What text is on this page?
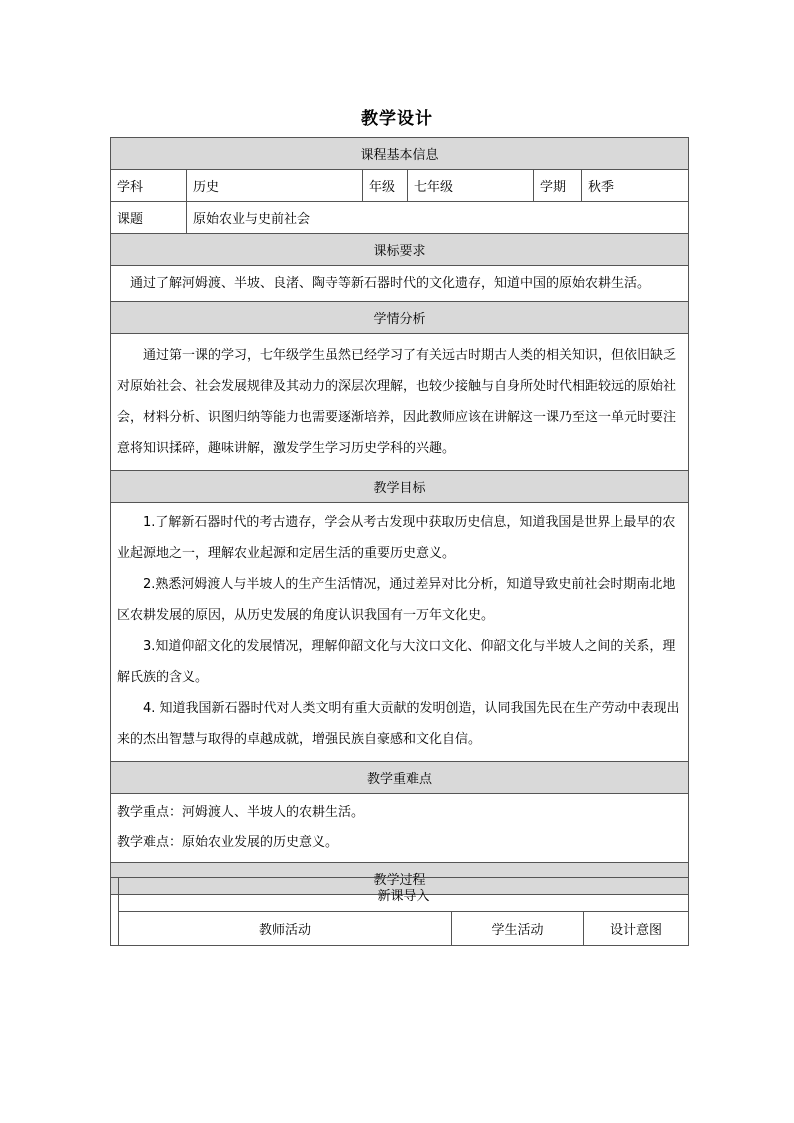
教学设计
课程基本信息					
学科	历史	年级	七年级	学期	秋季
课题	原始农业与史前社会				
课标要求					
通过了解河姆渡、半坡、良渚、陶寺等新石器时代的文化遗存，知道中国的原始农耕生活。					
学情分析					
通过第一课的学习，七年级学生虽然已经学习了有关远古时期古人类的相关知识，但依旧缺乏对原始社会、社会发展规律及其动力的深层次理解，也较少接触与自身所处时代相距较远的原始社会，材料分析、识图归纳等能力也需要逐渐培养，因此教师应该在讲解这一课乃至这一单元时要注意将知识揉碎，趣味讲解，激发学生学习历史学科的兴趣。					
教学目标					

1.了解新石器时代的考古遗存，学会从考古发现中获取历史信息，知道我国是世界上最早的农业起源地之一，理解农业起源和定居生活的重要历史意义。

2.熟悉河姆渡人与半坡人的生产生活情况，通过差异对比分析，知道导致史前社会时期南北地区农耕发展的原因，从历史发展的角度认识我国有一万年文化史。

3.知道仰韶文化的发展情况，理解仰韶文化与大汶口文化、仰韶文化与半坡人之间的关系，理解氏族的含义。

4. 知道我国新石器时代对人类文明有重大贡献的发明创造，认同我国先民在生产劳动中表现出来的杰出智慧与取得的卓越成就，增强民族自豪感和文化自信。					

教学重难点					

教学重点：河姆渡人、半坡人的农耕生活。

教学难点：原始农业发展的历史意义。					

教学过程					
	新课导入		
	教师活动	学生活动	设计意图
